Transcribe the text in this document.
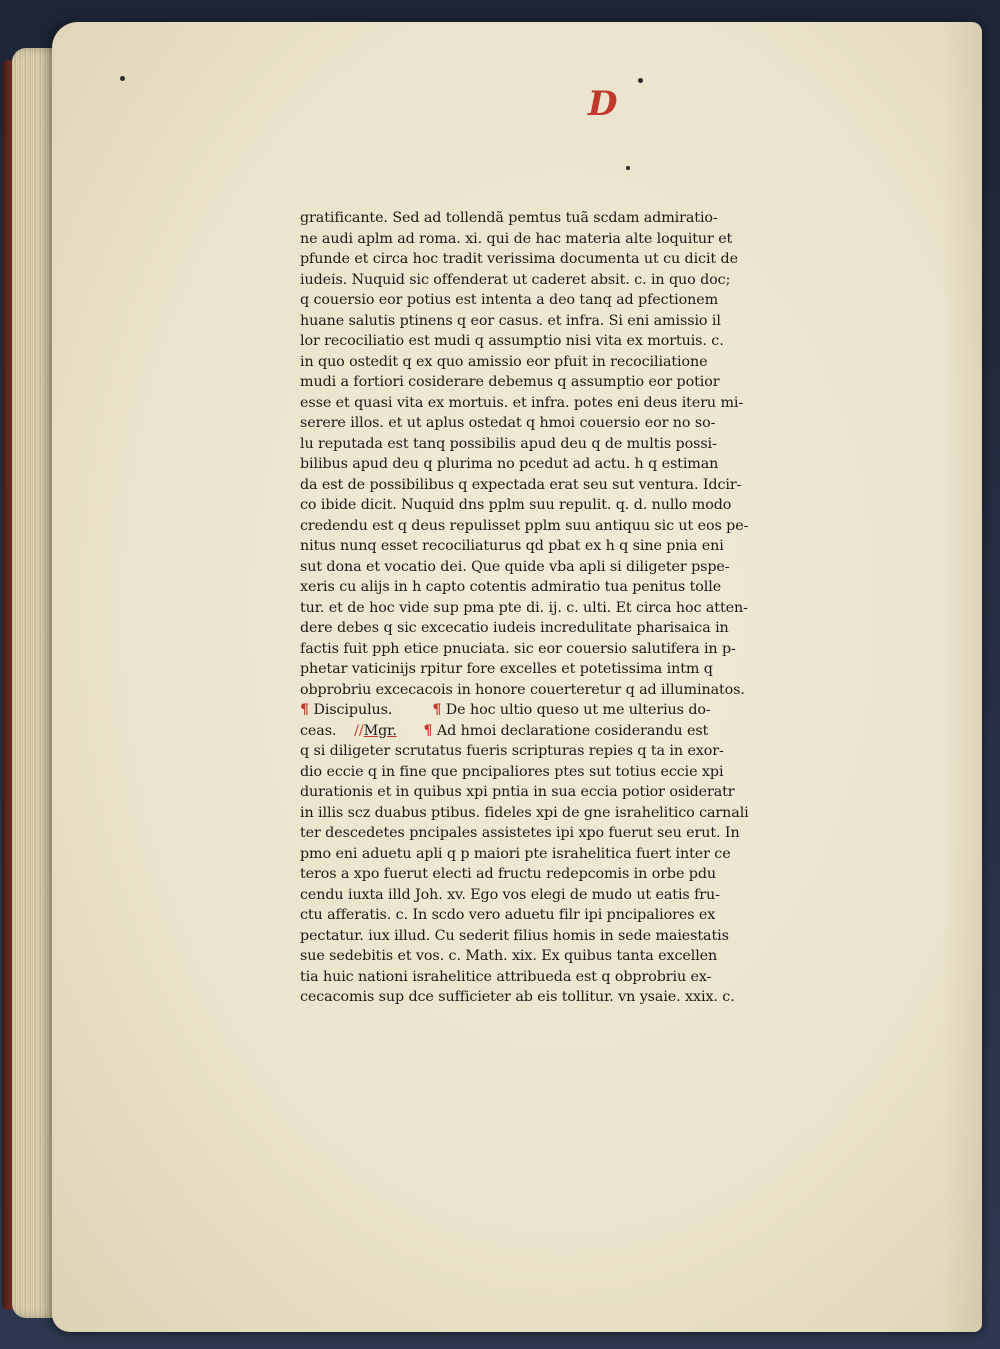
D
gratificante. Sed ad tollendã pemtus tuã scdam admiratio-
ne audi aplm ad roma. xi. qui de hac materia alte loquitur et
pfunde et circa hoc tradit verissima documenta ut cu dicit de
iudeis. Nuquid sic offenderat ut caderet absit. c. in quo doc;
q couersio eor potius est intenta a deo tanq ad pfectionem
huane salutis ptinens q eor casus. et infra. Si eni amissio il
lor recociliatio est mudi q assumptio nisi vita ex mortuis. c.
in quo ostedit q ex quo amissio eor pfuit in recociliatione
mudi a fortiori cosiderare debemus q assumptio eor potior
esse et quasi vita ex mortuis. et infra. potes eni deus iteru mi-
serere illos. et ut aplus ostedat q hmoi couersio eor no so-
lu reputada est tanq possibilis apud deu q de multis possi-
bilibus apud deu q plurima no pcedut ad actu. h q estiman
da est de possibilibus q expectada erat seu sut ventura. Idcir-
co ibide dicit. Nuquid dns pplm suu repulit. q. d. nullo modo
credendu est q deus repulisset pplm suu antiquu sic ut eos pe-
nitus nunq esset recociliaturus qd pbat ex h q sine pnia eni
sut dona et vocatio dei. Que quide vba apli si diligeter pspe-
xeris cu alijs in h capto cotentis admiratio tua penitus tolle
tur. et de hoc vide sup pma pte di. ij. c. ulti. Et circa hoc atten-
dere debes q sic excecatio iudeis incredulitate pharisaica in
factis fuit pph etice pnuciata. sic eor couersio salutifera in p-
phetar vaticinijs rpitur fore excelles et potetissima intm q
obprobriu excecacois in honore couerteretur q ad illuminatos.
¶ Discipulus.	¶ De hoc ultio queso ut me ulterius do-
ceas. //Mgr. ¶ Ad hmoi declaratione cosiderandu est
q si diligeter scrutatus fueris scripturas repies q ta in exor-
dio eccie q in fine que pncipaliores ptes sut totius eccie xpi
durationis et in quibus xpi pntia in sua eccia potior osideratr
in illis scz duabus ptibus. fideles xpi de gne israhelitico carnali
ter descedetes pncipales assistetes ipi xpo fuerut seu erut. In
pmo eni aduetu apli q p maiori pte israhelitica fuert inter ce
teros a xpo fuerut electi ad fructu redepcomis in orbe pdu
cendu iuxta illd Joh. xv. Ego vos elegi de mudo ut eatis fru-
ctu afferatis. c. In scdo vero aduetu filr ipi pncipaliores ex
pectatur. iux illud. Cu sederit filius homis in sede maiestatis
sue sedebitis et vos. c. Math. xix. Ex quibus tanta excellen
tia huic nationi israhelitice attribueda est q obprobriu ex-
cecacomis sup dce sufficieter ab eis tollitur. vn ysaie. xxix. c.
